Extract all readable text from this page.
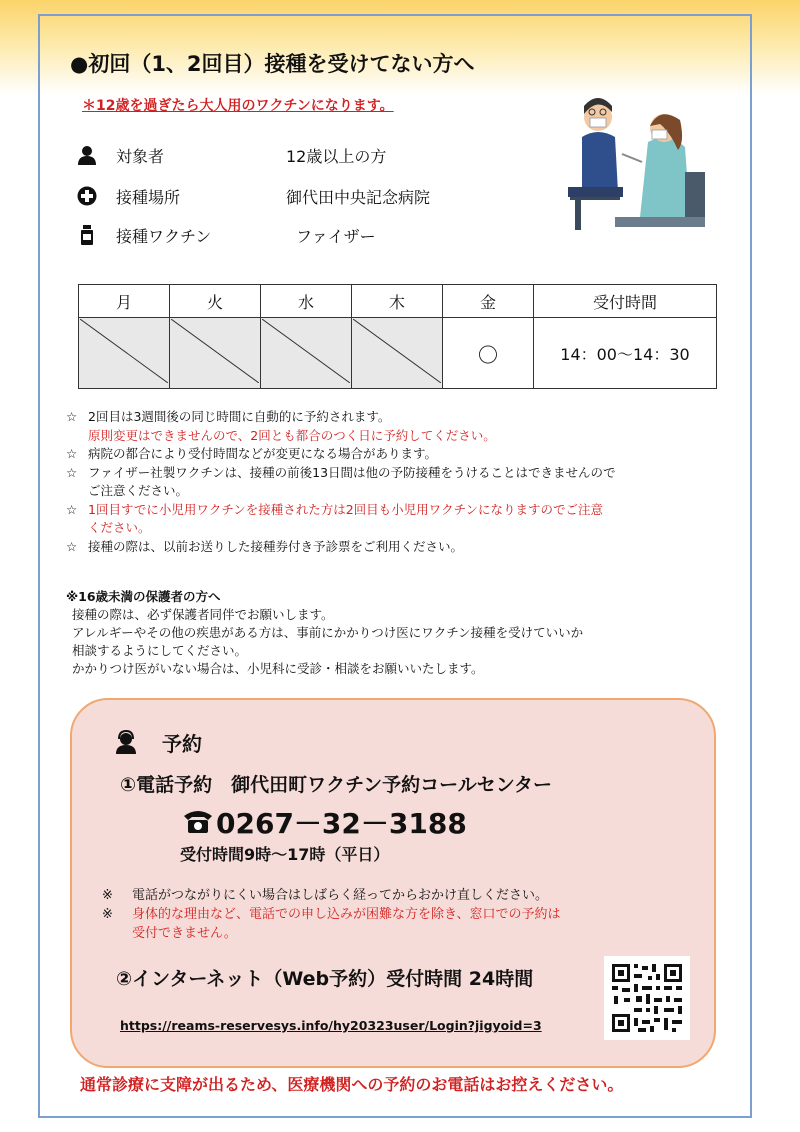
●初回（1、2回目）接種を受けてない方へ
＊12歳を過ぎたら大人用のワクチンになります。
対象者	12歳以上の方
接種場所	御代田中央記念病院
接種ワクチン	ファイザー
月	火	水	木	金	受付時間
				〇	14：00〜14：30
☆ 2回目は3週間後の同じ時間に自動的に予約されます。
原則変更はできませんので、2回とも都合のつく日に予約してください。
☆ 病院の都合により受付時間などが変更になる場合があります。
☆ ファイザー社製ワクチンは、接種の前後13日間は他の予防接種をうけることはできませんので
ご注意ください。
☆ 1回目すでに小児用ワクチンを接種された方は2回目も小児用ワクチンになりますのでご注意
ください。
☆ 接種の際は、以前お送りした接種券付き予診票をご利用ください。
※16歳未満の保護者の方へ
接種の際は、必ず保護者同伴でお願いします。
アレルギーやその他の疾患がある方は、事前にかかりつけ医にワクチン接種を受けていいか
相談するようにしてください。
かかりつけ医がいない場合は、小児科に受診・相談をお願いいたします。
予約
①電話予約　御代田町ワクチン予約コールセンター
0267－32－3188
受付時間9時〜17時（平日）
※	電話がつながりにくい場合はしばらく経ってからおかけ直しください。
※	身体的な理由など、電話での申し込みが困難な方を除き、窓口での予約は
受付できません。
②インターネット（Web予約）受付時間 24時間
https://reams-reservesys.info/hy20323user/Login?jigyoid=3
通常診療に支障が出るため、医療機関への予約のお電話はお控えください。
